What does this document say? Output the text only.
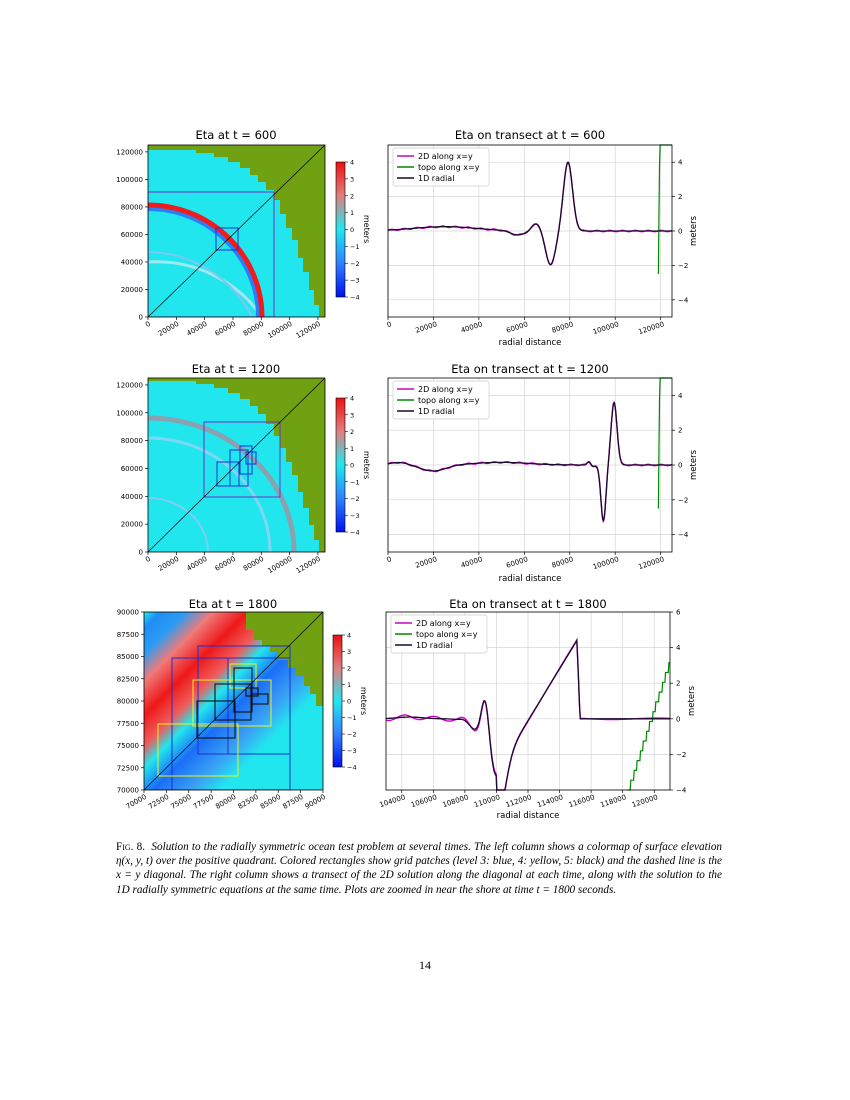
Eta at t = 600
0 20000 40000 60000 80000 100000 120000
0
20000
40000
60000
80000
100000
120000
4
3
2
1
0
−1
−2
−3
−4
meters
Eta on transect at t = 600
0	20000	40000	60000	80000	100000	120000
4
2
0
−2
−4
radial distance
meters
2D along x=y
topo along x=y
1D radial
Eta at t = 1200
0 20000 40000 60000 80000 100000 120000
0
20000
40000
60000
80000
100000
120000
4
3
2
1
0
−1
−2
−3
−4
meters
Eta on transect at t = 1200
0	20000	40000	60000	80000	100000	120000
4
2
0
−2
−4
radial distance
meters
2D along x=y
topo along x=y
1D radial
Eta at t = 1800
70000 72500 75000 77500 80000 82500 85000 87500 90000
70000
72500
75000
77500
80000
82500
85000
87500
90000
4
3
2
1
0
−1
−2
−3
−4
meters
Eta on transect at t = 1800
104000 106000 108000 110000 112000 114000 116000 118000 120000
6
4
2
0
−2
−4
radial distance
meters
2D along x=y
topo along x=y
1D radial
Fig. 8. Solution to the radially symmetric ocean test problem at several times. The left column shows a colormap of surface elevation η(x, y, t) over the positive quadrant. Colored rectangles show grid patches (level 3: blue, 4: yellow, 5: black) and the dashed line is the x = y diagonal. The right column shows a transect of the 2D solution along the diagonal at each time, along with the solution to the 1D radially symmetric equations at the same time. Plots are zoomed in near the shore at time t = 1800 seconds.
14
